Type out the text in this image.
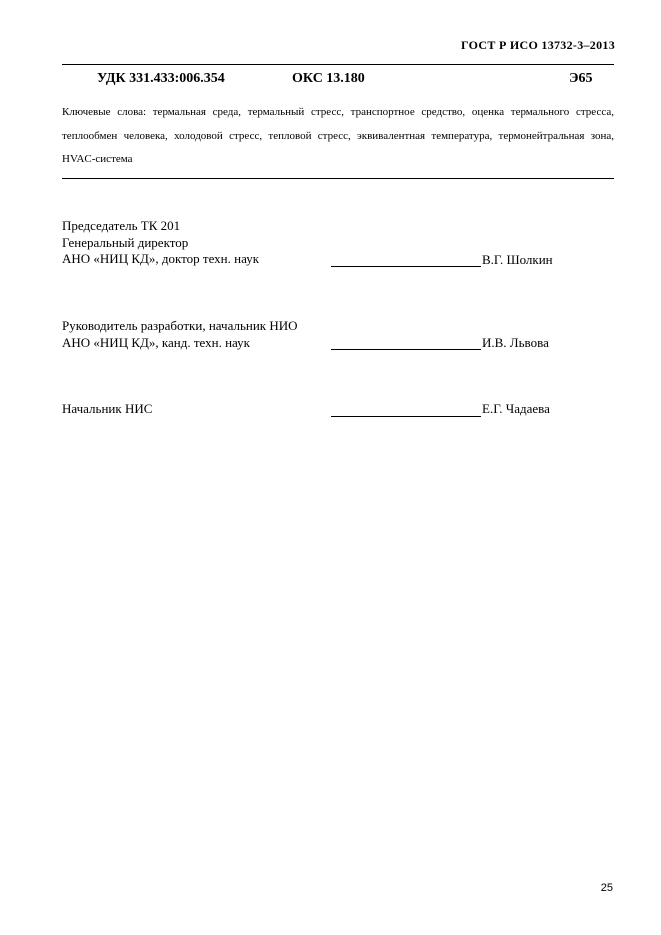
ГОСТ Р ИСО 13732-3–2013
УДК 331.433:006.354	ОКС 13.180	Э65
Ключевые слова: термальная среда, термальный стресс, транспортное средство, оценка термального стресса, теплообмен человека, холодовой стресс, тепловой стресс, эквивалентная температура, термонейтральная зона, HVAC-система
Председатель ТК 201
Генеральный директор
АНО «НИЦ КД», доктор техн. наук	В.Г. Шолкин
Руководитель разработки, начальник НИО
АНО «НИЦ КД», канд. техн. наук	И.В. Львова
Начальник НИС	Е.Г. Чадаева
25
